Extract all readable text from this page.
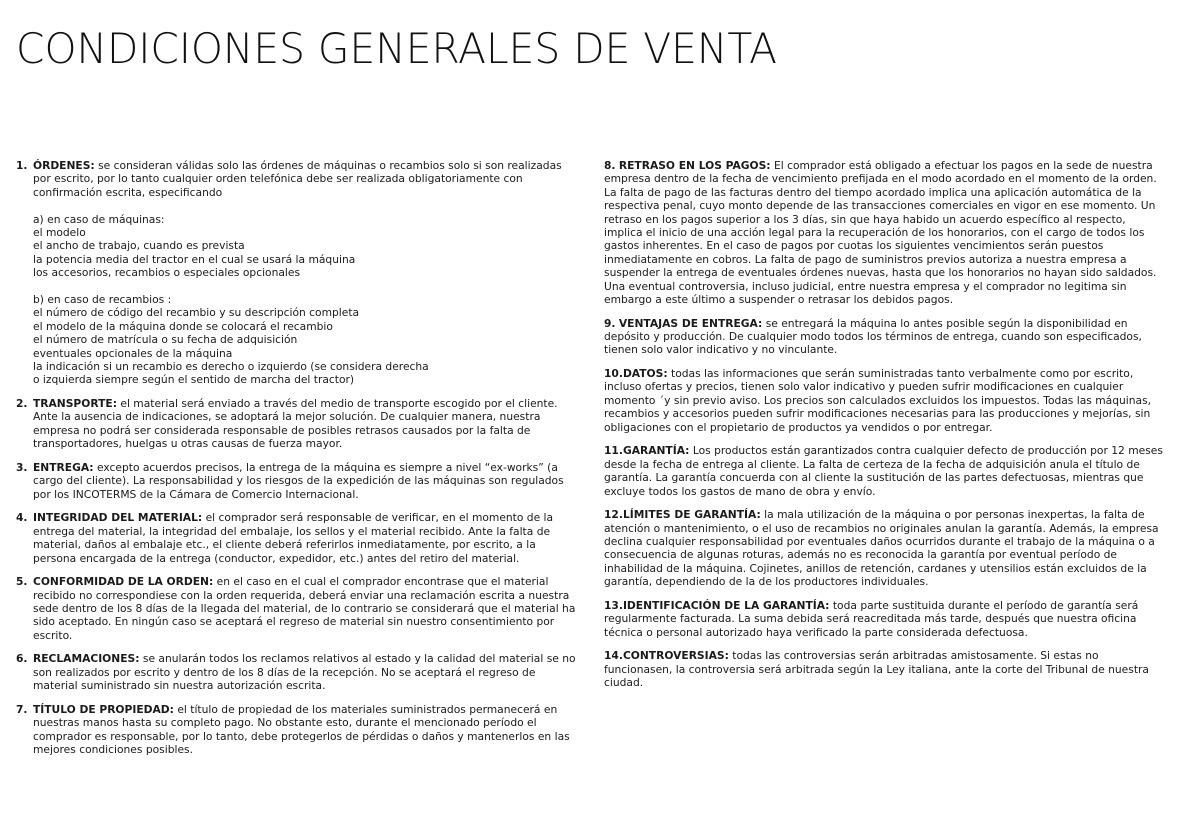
CONDICIONES GENERALES DE VENTA
1. ÓRDENES: se consideran válidas solo las órdenes de máquinas o recambios solo si son realizadas por escrito, por lo tanto cualquier orden telefónica debe ser realizada obligatoriamente con confirmación escrita, especificando
a) en caso de máquinas:
el modelo
el ancho de trabajo, cuando es prevista
la potencia media del tractor en el cual se usará la máquina
los accesorios, recambios o especiales opcionales
b) en caso de recambios :
el número de código del recambio y su descripción completa
el modelo de la máquina donde se colocará el recambio
el número de matrícula o su fecha de adquisición
eventuales opcionales de la máquina
la indicación si un recambio es derecho o izquierdo (se considera derecha
o izquierda siempre según el sentido de marcha del tractor)
2. TRANSPORTE: el material será enviado a través del medio de transporte escogido por el cliente. Ante la ausencia de indicaciones, se adoptará la mejor solución. De cualquier manera, nuestra empresa no podrá ser considerada responsable de posibles retrasos causados por la falta de transportadores, huelgas u otras causas de fuerza mayor.
3. ENTREGA: excepto acuerdos precisos, la entrega de la máquina es siempre a nivel “ex-works” (a cargo del cliente). La responsabilidad y los riesgos de la expedición de las máquinas son regulados por los INCOTERMS de la Cámara de Comercio Internacional.
4. INTEGRIDAD DEL MATERIAL: el comprador será responsable de verificar, en el momento de la entrega del material, la integridad del embalaje, los sellos y el material recibido. Ante la falta de material, daños al embalaje etc., el cliente deberá referirlos inmediatamente, por escrito, a la persona encargada de la entrega (conductor, expedidor, etc.) antes del retiro del material.
5. CONFORMIDAD DE LA ORDEN: en el caso en el cual el comprador encontrase que el material recibido no correspondiese con la orden requerida, deberá enviar una reclamación escrita a nuestra sede dentro de los 8 días de la llegada del material, de lo contrario se considerará que el material ha sido aceptado. En ningún caso se aceptará el regreso de material sin nuestro consentimiento por escrito.
6. RECLAMACIONES: se anularán todos los reclamos relativos al estado y la calidad del material se no son realizados por escrito y dentro de los 8 días de la recepción. No se aceptará el regreso de material suministrado sin nuestra autorización escrita.
7. TÍTULO DE PROPIEDAD: el título de propiedad de los materiales suministrados permanecerá en nuestras manos hasta su completo pago. No obstante esto, durante el mencionado período el comprador es responsable, por lo tanto, debe protegerlos de pérdidas o daños y mantenerlos en las mejores condiciones posibles.
8. RETRASO EN LOS PAGOS: El comprador está obligado a efectuar los pagos en la sede de nuestra empresa dentro de la fecha de vencimiento prefijada en el modo acordado en el momento de la orden. La falta de pago de las facturas dentro del tiempo acordado implica una aplicación automática de la respectiva penal, cuyo monto depende de las transacciones comerciales en vigor en ese momento. Un retraso en los pagos superior a los 3 días, sin que haya habido un acuerdo específico al respecto, implica el inicio de una acción legal para la recuperación de los honorarios, con el cargo de todos los gastos inherentes. En el caso de pagos por cuotas los siguientes vencimientos serán puestos inmediatamente en cobros. La falta de pago de suministros previos autoriza a nuestra empresa a suspender la entrega de eventuales órdenes nuevas, hasta que los honorarios no hayan sido saldados. Una eventual controversia, incluso judicial, entre nuestra empresa y el comprador no legitima sin embargo a este último a suspender o retrasar los debidos pagos.
9. VENTAJAS DE ENTREGA: se entregará la máquina lo antes posible según la disponibilidad en depósito y producción. De cualquier modo todos los términos de entrega, cuando son especificados, tienen solo valor indicativo y no vinculante.
10.DATOS: todas las informaciones que serán suministradas tanto verbalmente como por escrito, incluso ofertas y precios, tienen solo valor indicativo y pueden sufrir modificaciones en cualquier momento ´y sin previo aviso. Los precios son calculados excluidos los impuestos. Todas las máquinas, recambios y accesorios pueden sufrir modificaciones necesarias para las producciones y mejorías, sin obligaciones con el propietario de productos ya vendidos o por entregar.
11.GARANTÍA: Los productos están garantizados contra cualquier defecto de producción por 12 meses desde la fecha de entrega al cliente. La falta de certeza de la fecha de adquisición anula el título de garantía. La garantía concuerda con al cliente la sustitución de las partes defectuosas, mientras que excluye todos los gastos de mano de obra y envío.
12.LÍMITES DE GARANTÍA: la mala utilización de la máquina o por personas inexpertas, la falta de atención o mantenimiento, o el uso de recambios no originales anulan la garantía. Además, la empresa declina cualquier responsabilidad por eventuales daños ocurridos durante el trabajo de la máquina o a consecuencia de algunas roturas, además no es reconocida la garantía por eventual período de inhabilidad de la máquina. Cojinetes, anillos de retención, cardanes y utensilios están excluidos de la garantía, dependiendo de la de los productores individuales.
13.IDENTIFICACIÓN DE LA GARANTÍA: toda parte sustituida durante el período de garantía será regularmente facturada. La suma debida será reacreditada más tarde, después que nuestra oficina técnica o personal autorizado haya verificado la parte considerada defectuosa.
14.CONTROVERSIAS: todas las controversias serán arbitradas amistosamente. Si estas no funcionasen, la controversia será arbitrada según la Ley italiana, ante la corte del Tribunal de nuestra ciudad.
